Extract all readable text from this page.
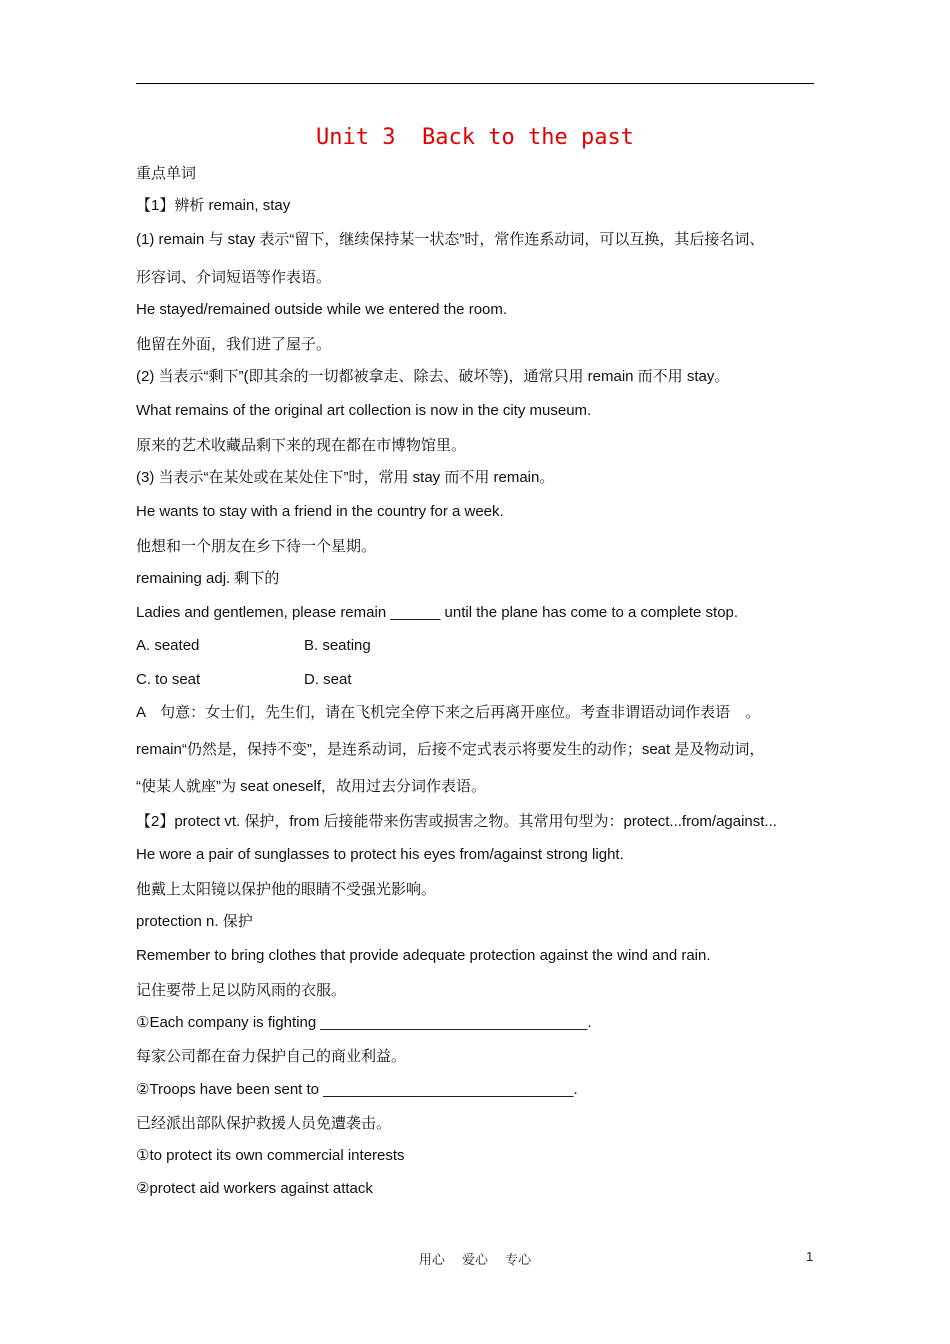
Unit 3  Back to the past
重点单词
【1】辨析 remain, stay
(1) remain 与 stay 表示“留下，继续保持某一状态”时，常作连系动词，可以互换，其后接名词、
形容词、介词短语等作表语。
He stayed/remained outside while we entered the room.
他留在外面，我们进了屋子。
(2) 当表示“剩下”(即其余的一切都被拿走、除去、破坏等)，通常只用 remain 而不用 stay。
What remains of the original art collection is now in the city museum.
原来的艺术收藏品剩下来的现在都在市博物馆里。
(3) 当表示“在某处或在某处住下”时，常用 stay 而不用 remain。
He wants to stay with a friend in the country for a week.
他想和一个朋友在乡下待一个星期。
remaining adj. 剩下的
Ladies and gentlemen, please remain ______ until the plane has come to a complete stop.
A. seated	B. seating
C. to seat	D. seat
A　句意：女士们，先生们，请在飞机完全停下来之后再离开座位。考查非谓语动词作表语　。
remain“仍然是，保持不变”，是连系动词，后接不定式表示将要发生的动作；seat 是及物动词，
“使某人就座”为 seat oneself，故用过去分词作表语。
【2】protect vt. 保护，from 后接能带来伤害或损害之物。其常用句型为：protect...from/against...
He wore a pair of sunglasses to protect his eyes from/against strong light.
他戴上太阳镜以保护他的眼睛不受强光影响。
protection n. 保护
Remember to bring clothes that provide adequate protection against the wind and rain.
记住要带上足以防风雨的衣服。
①Each company is fighting ________________________________.
每家公司都在奋力保护自己的商业利益。
②Troops have been sent to ______________________________.
已经派出部队保护救援人员免遭袭击。
①to protect its own commercial interests
②protect aid workers against attack
用心　 爱心　 专心	1
